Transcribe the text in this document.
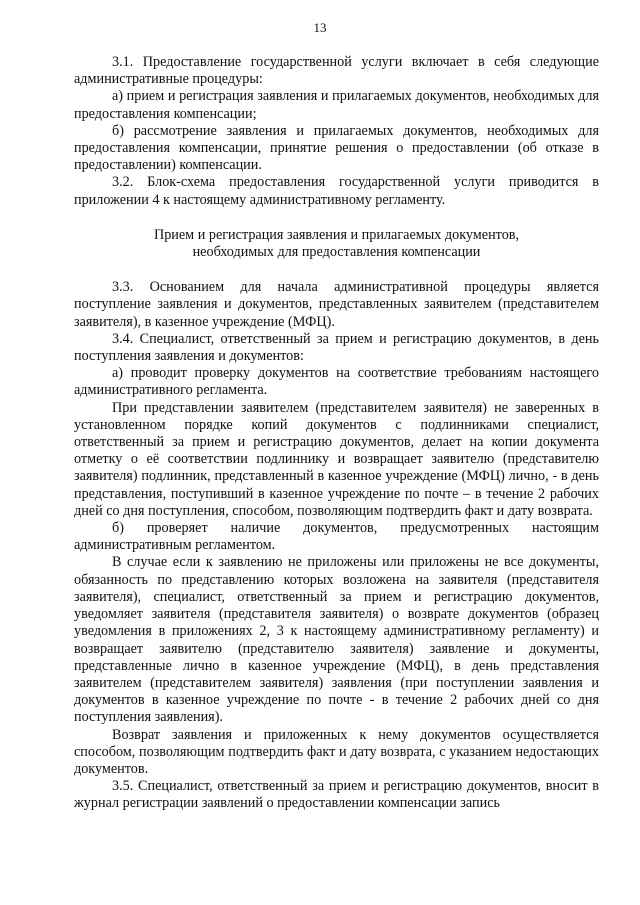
13

3.1. Предоставление государственной услуги включает в себя следующие административные процедуры:

а) прием и регистрация заявления и прилагаемых документов, необходимых для предоставления компенсации;

б) рассмотрение заявления и прилагаемых документов, необходимых для предоставления компенсации, принятие решения о предоставлении (об отказе в предоставлении) компенсации.

3.2. Блок-схема предоставления государственной услуги приводится в приложении 4 к настоящему административному регламенту.

Прием и регистрация заявления и прилагаемых документов,
необходимых для предоставления компенсации

3.3. Основанием для начала административной процедуры является поступление заявления и документов, представленных заявителем (представителем заявителя), в казенное учреждение (МФЦ).

3.4. Специалист, ответственный за прием и регистрацию документов, в день поступления заявления и документов:

а) проводит проверку документов на соответствие требованиям настоящего административного регламента.

При представлении заявителем (представителем заявителя) не заверенных в установленном порядке копий документов с подлинниками специалист, ответственный за прием и регистрацию документов, делает на копии документа отметку о её соответствии подлиннику и возвращает заявителю (представителю заявителя) подлинник, представленный в казенное учреждение (МФЦ) лично, - в день представления, поступивший в казенное учреждение по почте – в течение 2 рабочих дней со дня поступления, способом, позволяющим подтвердить факт и дату возврата.

б) проверяет наличие документов, предусмотренных настоящим административным регламентом.

В случае если к заявлению не приложены или приложены не все документы, обязанность по представлению которых возложена на заявителя (представителя заявителя), специалист, ответственный за прием и регистрацию документов, уведомляет заявителя (представителя заявителя) о возврате документов (образец уведомления в приложениях 2, 3 к настоящему административному регламенту) и возвращает заявителю (представителю заявителя) заявление и документы, представленные лично в казенное учреждение (МФЦ), в день представления заявителем (представителем заявителя) заявления (при поступлении заявления и документов в казенное учреждение по почте - в течение 2 рабочих дней со дня поступления заявления).

Возврат заявления и приложенных к нему документов осуществляется способом, позволяющим подтвердить факт и дату возврата, с указанием недостающих документов.

3.5. Специалист, ответственный за прием и регистрацию документов, вносит в журнал регистрации заявлений о предоставлении компенсации запись
